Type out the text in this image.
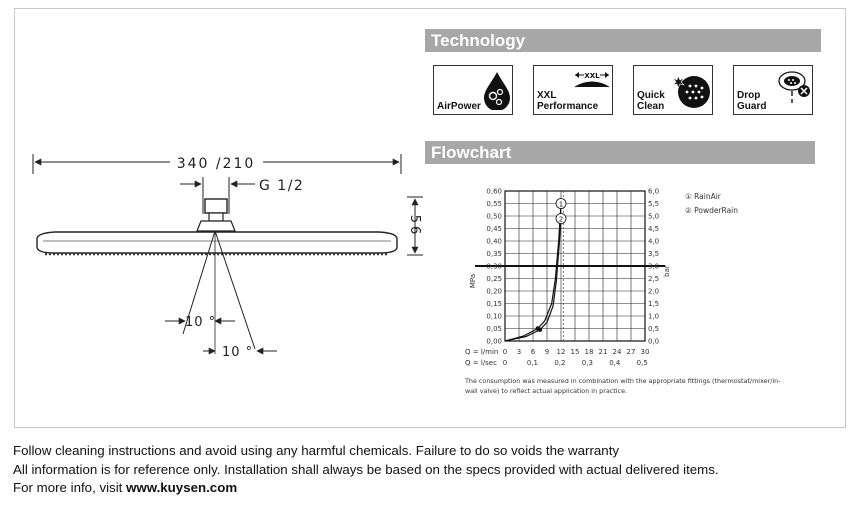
340 /210
G 1/2
56
10 °
10 °
Technology
AirPower
XXL
XXL
Performance
Quick
Clean
Drop
Guard
Flowchart
0,60
0,55
0,50
0,45
0,40
0,35
0,30
0,25
0,20
0,15
0,10
0,05
0,00
6,0
5,5
5,0
4,5
4,0
3,5
3,0
2,5
2,0
1,5
1,0
0,5
0,0
MPa
bar
Q = l/min 0 3 6 9 12 15 18 21 24 27 30
Q = l/sec 0	0,1 0,2 0,3 0,4 0,5
1
2
① RainAir
② PowderRain
The consumption was measured in combination with the appropriate fittings (thermostat/mixer/in-
wall valve) to reflect actual application in practice.
Follow cleaning instructions and avoid using any harmful chemicals. Failure to do so voids the warranty
All information is for reference only. Installation shall always be based on the specs provided with actual delivered items.
For more info, visit www.kuysen.com
